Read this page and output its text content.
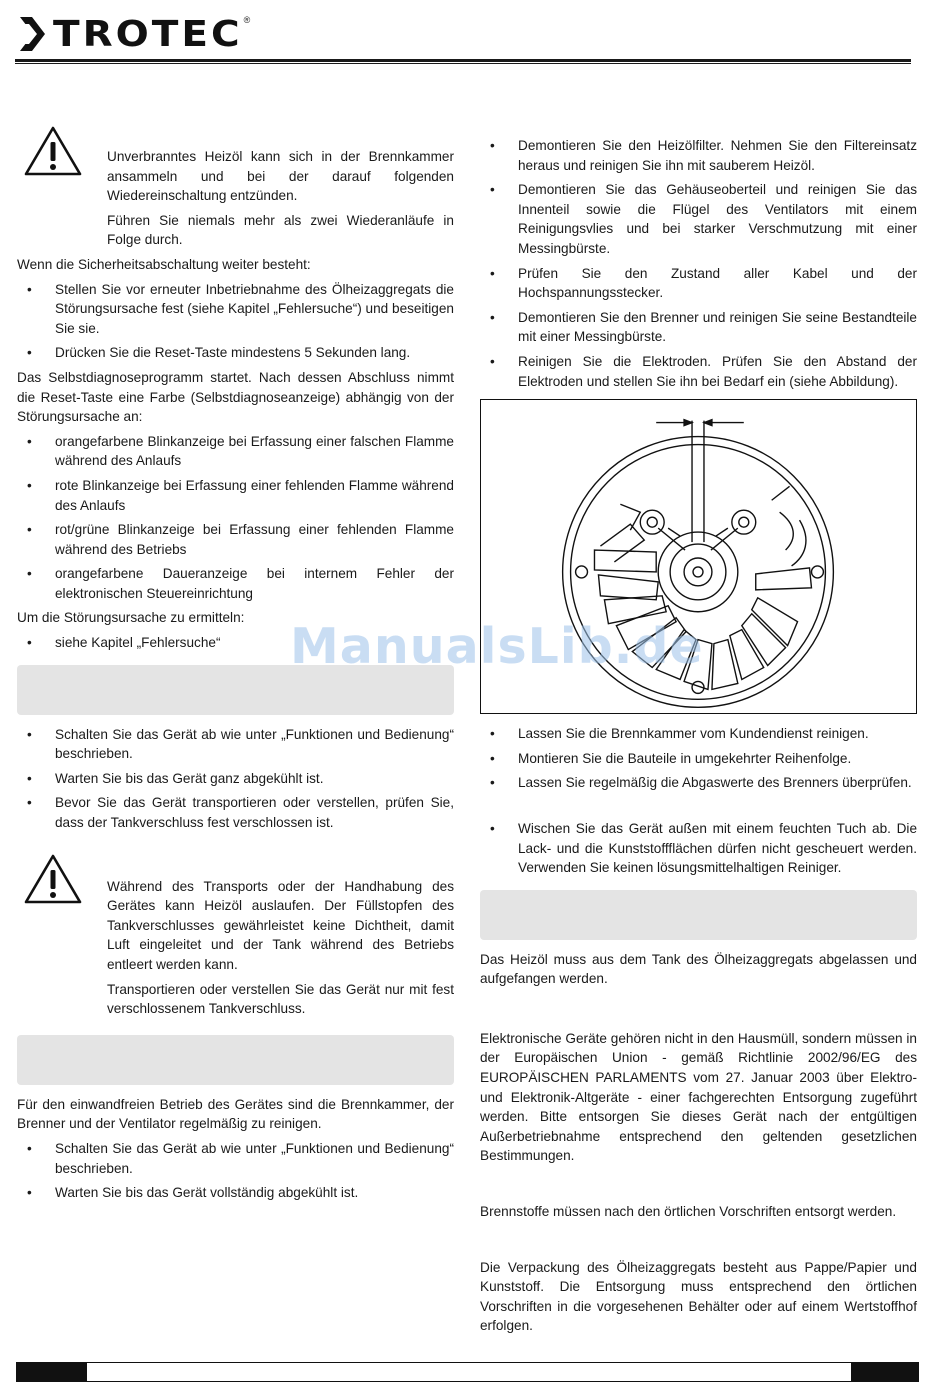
TROTEC ®

Unverbranntes Heizöl kann sich in der Brennkammer ansammeln und bei der darauf folgenden Wiedereinschaltung entzünden.

Führen Sie niemals mehr als zwei Wiederanläufe in Folge durch.

Wenn die Sicherheitsabschaltung weiter besteht:

• Stellen Sie vor erneuter Inbetriebnahme des Ölheizaggregats die Störungsursache fest (siehe Kapitel „Fehlersuche“) und beseitigen Sie sie.
• Drücken Sie die Reset-Taste mindestens 5 Sekunden lang.

Das Selbstdiagnoseprogramm startet. Nach dessen Abschluss nimmt die Reset-Taste eine Farbe (Selbstdiagnoseanzeige) abhängig von der Störungsursache an:

• orangefarbene Blinkanzeige bei Erfassung einer falschen Flamme während des Anlaufs
• rote Blinkanzeige bei Erfassung einer fehlenden Flamme während des Anlaufs
• rot/grüne Blinkanzeige bei Erfassung einer fehlenden Flamme während des Betriebs
• orangefarbene Daueranzeige bei internem Fehler der elektronischen Steuereinrichtung

Um die Störungsursache zu ermitteln:

• siehe Kapitel „Fehlersuche“
• Schalten Sie das Gerät ab wie unter „Funktionen und Bedienung“ beschrieben.
• Warten Sie bis das Gerät ganz abgekühlt ist.
• Bevor Sie das Gerät transportieren oder verstellen, prüfen Sie, dass der Tankverschluss fest verschlossen ist.

Während des Transports oder der Handhabung des Gerätes kann Heizöl auslaufen. Der Füllstopfen des Tankverschlusses gewährleistet keine Dichtheit, damit Luft eingeleitet und der Tank während des Betriebs entleert werden kann.

Transportieren oder verstellen Sie das Gerät nur mit fest verschlossenem Tankverschluss.

Für den einwandfreien Betrieb des Gerätes sind die Brennkammer, der Brenner und der Ventilator regelmäßig zu reinigen.

• Schalten Sie das Gerät ab wie unter „Funktionen und Bedienung“ beschrieben.
• Warten Sie bis das Gerät vollständig abgekühlt ist.
• Demontieren Sie den Heizölfilter. Nehmen Sie den Filtereinsatz heraus und reinigen Sie ihn mit sauberem Heizöl.
• Demontieren Sie das Gehäuseoberteil und reinigen Sie das Innenteil sowie die Flügel des Ventilators mit einem Reinigungsvlies und bei starker Verschmutzung mit einer Messingbürste.
• Prüfen Sie den Zustand aller Kabel und der Hochspannungsstecker.
• Demontieren Sie den Brenner und reinigen Sie seine Bestandteile mit einer Messingbürste.
• Reinigen Sie die Elektroden. Prüfen Sie den Abstand der Elektroden und stellen Sie ihn bei Bedarf ein (siehe Abbildung).
• Lassen Sie die Brennkammer vom Kundendienst reinigen.
• Montieren Sie die Bauteile in umgekehrter Reihenfolge.
• Lassen Sie regelmäßig die Abgaswerte des Brenners überprüfen.
• Wischen Sie das Gerät außen mit einem feuchten Tuch ab. Die Lack- und die Kunststoffflächen dürfen nicht gescheuert werden. Verwenden Sie keinen lösungsmittelhaltigen Reiniger.

Das Heizöl muss aus dem Tank des Ölheizaggregats abgelassen und aufgefangen werden.

Elektronische Geräte gehören nicht in den Hausmüll, sondern müssen in der Europäischen Union - gemäß Richtlinie 2002/96/EG des EUROPÄISCHEN PARLAMENTS vom 27. Januar 2003 über Elektro- und Elektronik-Altgeräte - einer fachgerechten Entsorgung zugeführt werden. Bitte entsorgen Sie dieses Gerät nach der entgültigen Außerbetriebnahme entsprechend den geltenden gesetzlichen Bestimmungen.

Brennstoffe müssen nach den örtlichen Vorschriften entsorgt werden.

Die Verpackung des Ölheizaggregats besteht aus Pappe/Papier und Kunststoff. Die Entsorgung muss entsprechend den örtlichen Vorschriften in die vorgesehenen Behälter oder auf einem Wertstoffhof erfolgen.

ManualsLib.de
